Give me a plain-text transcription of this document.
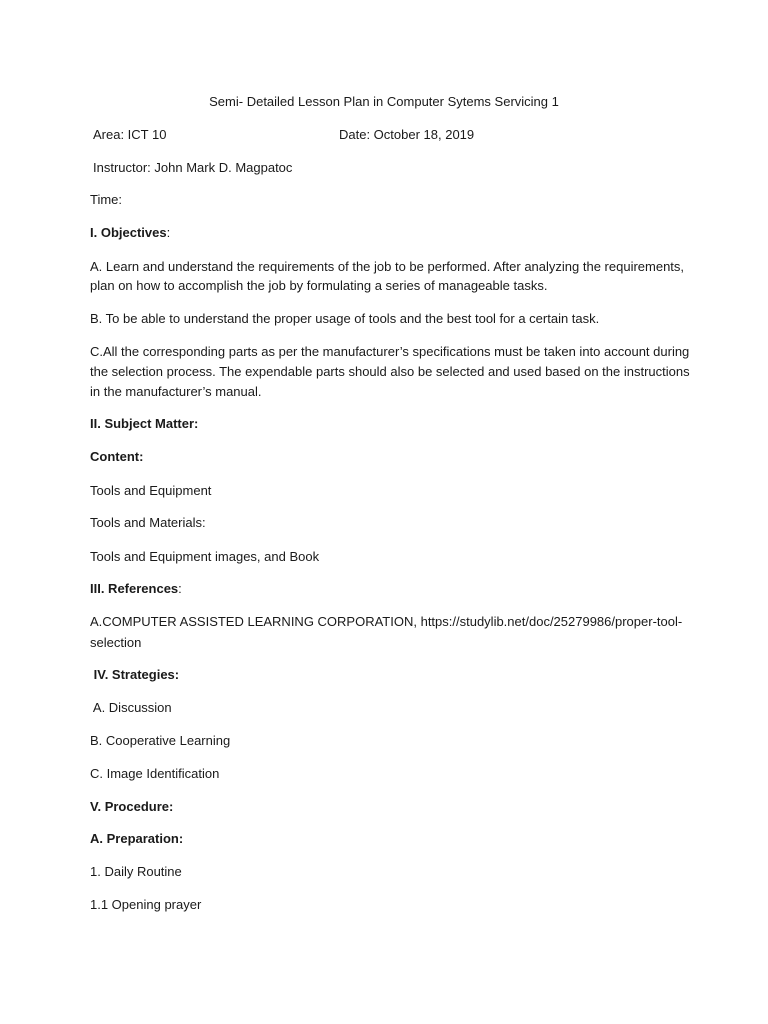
Semi- Detailed Lesson Plan in Computer Sytems Servicing 1
Area: ICT 10	Date: October 18, 2019
Instructor: John Mark D. Magpatoc
Time:
I. Objectives:
A. Learn and understand the requirements of the job to be performed. After analyzing the requirements,
plan on how to accomplish the job by formulating a series of manageable tasks.
B. To be able to understand the proper usage of tools and the best tool for a certain task.
C.All the corresponding parts as per the manufacturer’s specifications must be taken into account during
the selection process. The expendable parts should also be selected and used based on the instructions
in the manufacturer’s manual.
II. Subject Matter:
Content:
Tools and Equipment
Tools and Materials:
Tools and Equipment images, and Book
III. References:
A.COMPUTER ASSISTED LEARNING CORPORATION, https://studylib.net/doc/25279986/proper-tool-
selection
IV. Strategies:
A. Discussion
B. Cooperative Learning
C. Image Identification
V. Procedure:
A. Preparation:
1. Daily Routine
1.1 Opening prayer
